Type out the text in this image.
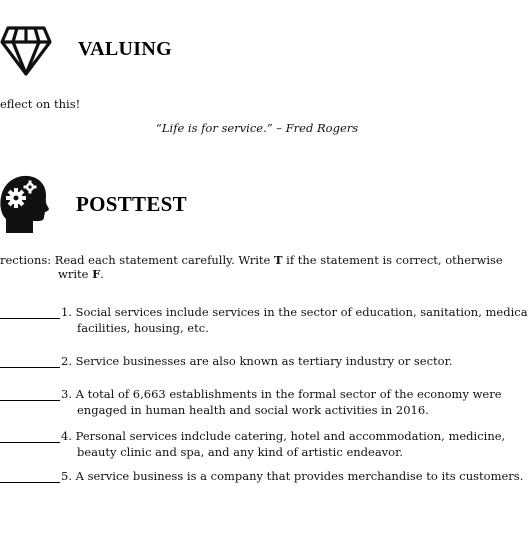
VALUING
eflect on this!
“Life is for service.” – Fred Rogers
POSTTEST
rections: Read each statement carefully. Write T if the statement is correct, otherwise
write F.
1. Social services include services in the sector of education, sanitation, medica
facilities, housing, etc.
2. Service businesses are also known as tertiary industry or sector.
3. A total of 6,663 establishments in the formal sector of the economy were
engaged in human health and social work activities in 2016.
4. Personal services indclude catering, hotel and accommodation, medicine,
beauty clinic and spa, and any kind of artistic endeavor.
5. A service business is a company that provides merchandise to its customers.
